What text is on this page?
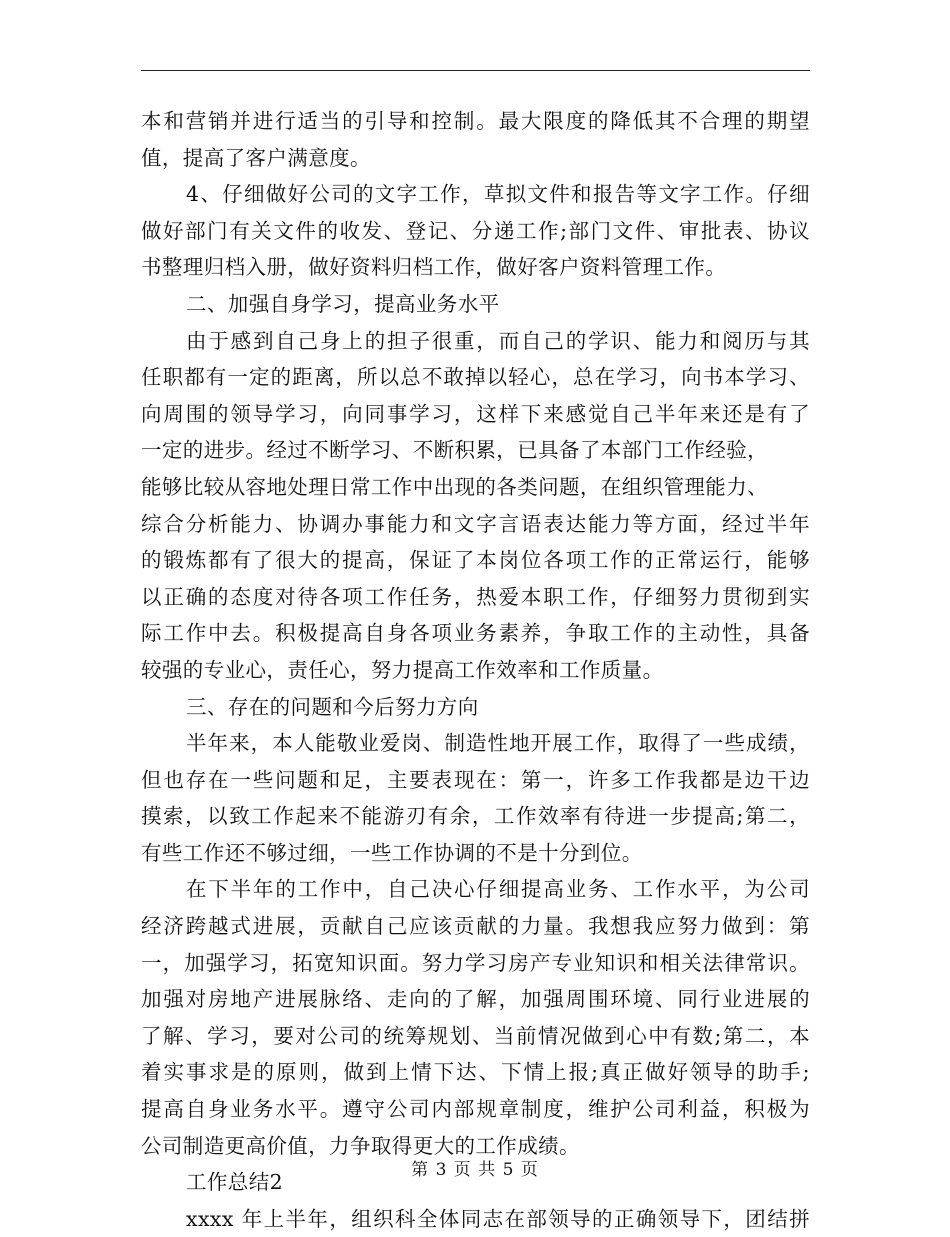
本和营销并进行适当的引导和控制。最大限度的降低其不合理的期望
值，提高了客户满意度。
4、仔细做好公司的文字工作，草拟文件和报告等文字工作。仔细
做好部门有关文件的收发、登记、分递工作;部门文件、审批表、协议
书整理归档入册，做好资料归档工作，做好客户资料管理工作。
二、加强自身学习，提高业务水平
由于感到自己身上的担子很重，而自己的学识、能力和阅历与其
任职都有一定的距离，所以总不敢掉以轻心，总在学习，向书本学习、
向周围的领导学习，向同事学习，这样下来感觉自己半年来还是有了
一定的进步。经过不断学习、不断积累，已具备了本部门工作经验，
能够比较从容地处理日常工作中出现的各类问题，在组织管理能力、
综合分析能力、协调办事能力和文字言语表达能力等方面，经过半年
的锻炼都有了很大的提高，保证了本岗位各项工作的正常运行，能够
以正确的态度对待各项工作任务，热爱本职工作，仔细努力贯彻到实
际工作中去。积极提高自身各项业务素养，争取工作的主动性，具备
较强的专业心，责任心，努力提高工作效率和工作质量。
三、存在的问题和今后努力方向
半年来，本人能敬业爱岗、制造性地开展工作，取得了一些成绩，
但也存在一些问题和足，主要表现在：第一，许多工作我都是边干边
摸索，以致工作起来不能游刃有余，工作效率有待进一步提高;第二，
有些工作还不够过细，一些工作协调的不是十分到位。
在下半年的工作中，自己决心仔细提高业务、工作水平，为公司
经济跨越式进展，贡献自己应该贡献的力量。我想我应努力做到：第
一，加强学习，拓宽知识面。努力学习房产专业知识和相关法律常识。
加强对房地产进展脉络、走向的了解，加强周围环境、同行业进展的
了解、学习，要对公司的统筹规划、当前情况做到心中有数;第二，本
着实事求是的原则，做到上情下达、下情上报;真正做好领导的助手;
提高自身业务水平。遵守公司内部规章制度，维护公司利益，积极为
公司制造更高价值，力争取得更大的工作成绩。
工作总结2
xxxx 年上半年，组织科全体同志在部领导的正确领导下，团结拼
第 3 页 共 5 页
